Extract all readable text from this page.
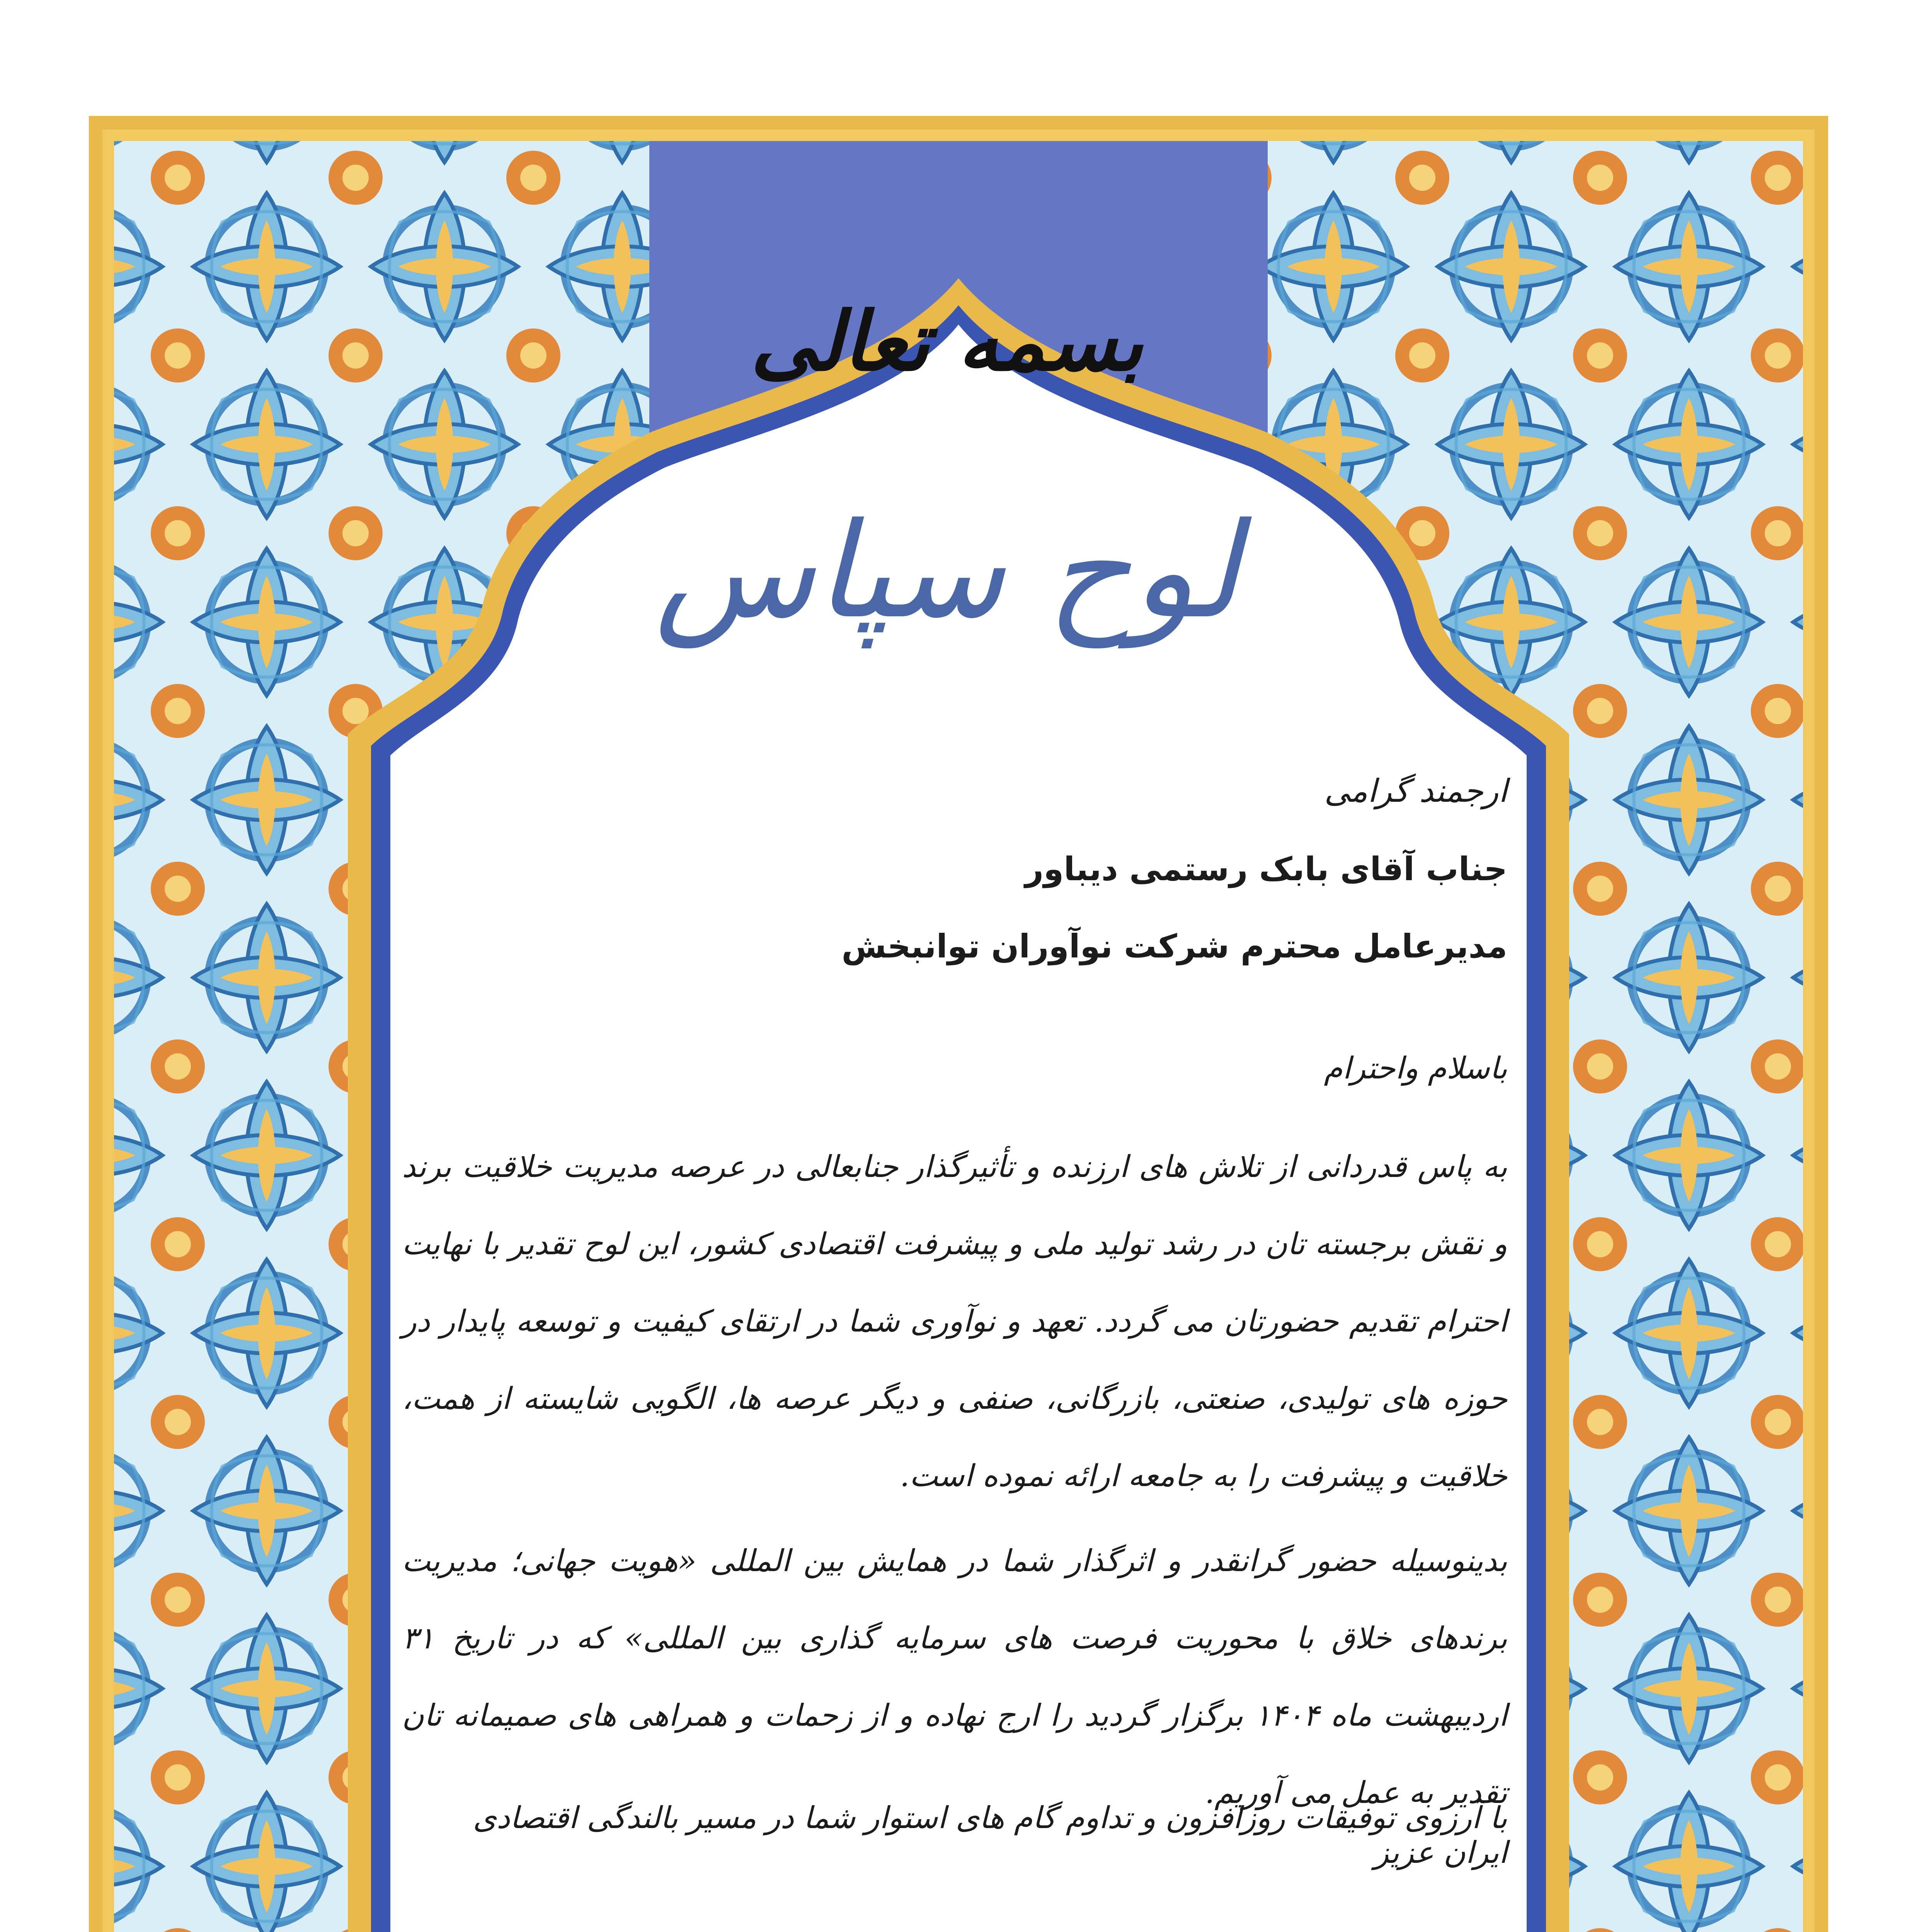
بسمه تعالی
لوح سپاس
ارجمند گرامی
جناب آقای بابک رستمی دیباور
مدیرعامل محترم شرکت نوآوران توانبخش
باسلام واحترام
به پاس قدردانی از تلاش های ارزنده و تأثیرگذار جنابعالی در عرصه مدیریت خلاقیت برند و نقش برجسته تان در رشد تولید ملی و پیشرفت اقتصادی کشور، این لوح تقدیر با نهایت احترام تقدیم حضورتان می گردد. تعهد و نوآوری شما در ارتقای کیفیت و توسعه پایدار در حوزه های تولیدی، صنعتی، بازرگانی، صنفی و دیگر عرصه ها، الگویی شایسته از همت، خلاقیت و پیشرفت را به جامعه ارائه نموده است.
بدینوسیله حضور گرانقدر و اثرگذار شما در همایش بین المللی «هویت جهانی؛ مدیریت برندهای خلاق با محوریت فرصت های سرمایه گذاری بین المللی» که در تاریخ ۳۱ اردیبهشت ماه ۱۴۰۴ برگزار گردید را ارج نهاده و از زحمات و همراهی های صمیمانه تان تقدیر به عمل می آوریم.
با آرزوی توفیقات روزافزون و تداوم گام های استوار شما در مسیر بالندگی اقتصادی ایران عزیز
